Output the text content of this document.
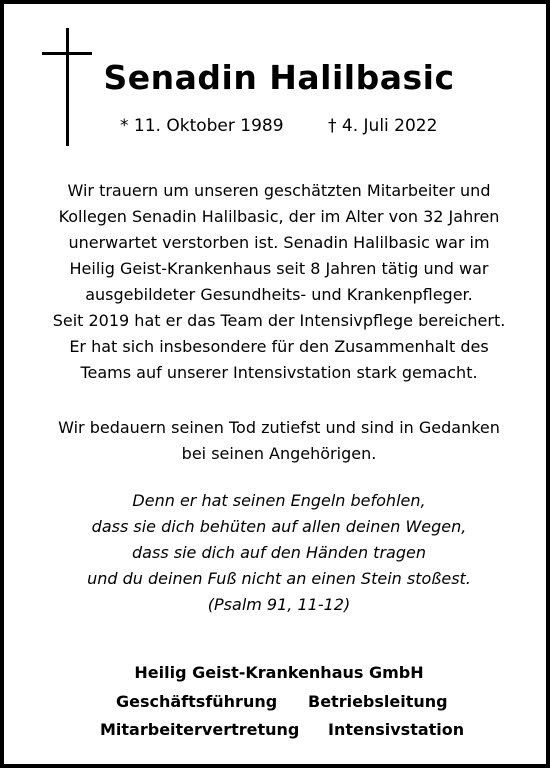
Senadin Halilbasic
* 11. Oktober 1989	† 4. Juli 2022
Wir trauern um unseren geschätzten Mitarbeiter und
Kollegen Senadin Halilbasic, der im Alter von 32 Jahren
unerwartet verstorben ist. Senadin Halilbasic war im
Heilig Geist-Krankenhaus seit 8 Jahren tätig und war
ausgebildeter Gesundheits- und Krankenpfleger.
Seit 2019 hat er das Team der Intensivpflege bereichert.
Er hat sich insbesondere für den Zusammenhalt des
Teams auf unserer Intensivstation stark gemacht.
Wir bedauern seinen Tod zutiefst und sind in Gedanken
bei seinen Angehörigen.
Denn er hat seinen Engeln befohlen,
dass sie dich behüten auf allen deinen Wegen,
dass sie dich auf den Händen tragen
und du deinen Fuß nicht an einen Stein stoßest.
(Psalm 91, 11-12)
Heilig Geist-Krankenhaus GmbH
Geschäftsführung Betriebsleitung
Mitarbeitervertretung Intensivstation
